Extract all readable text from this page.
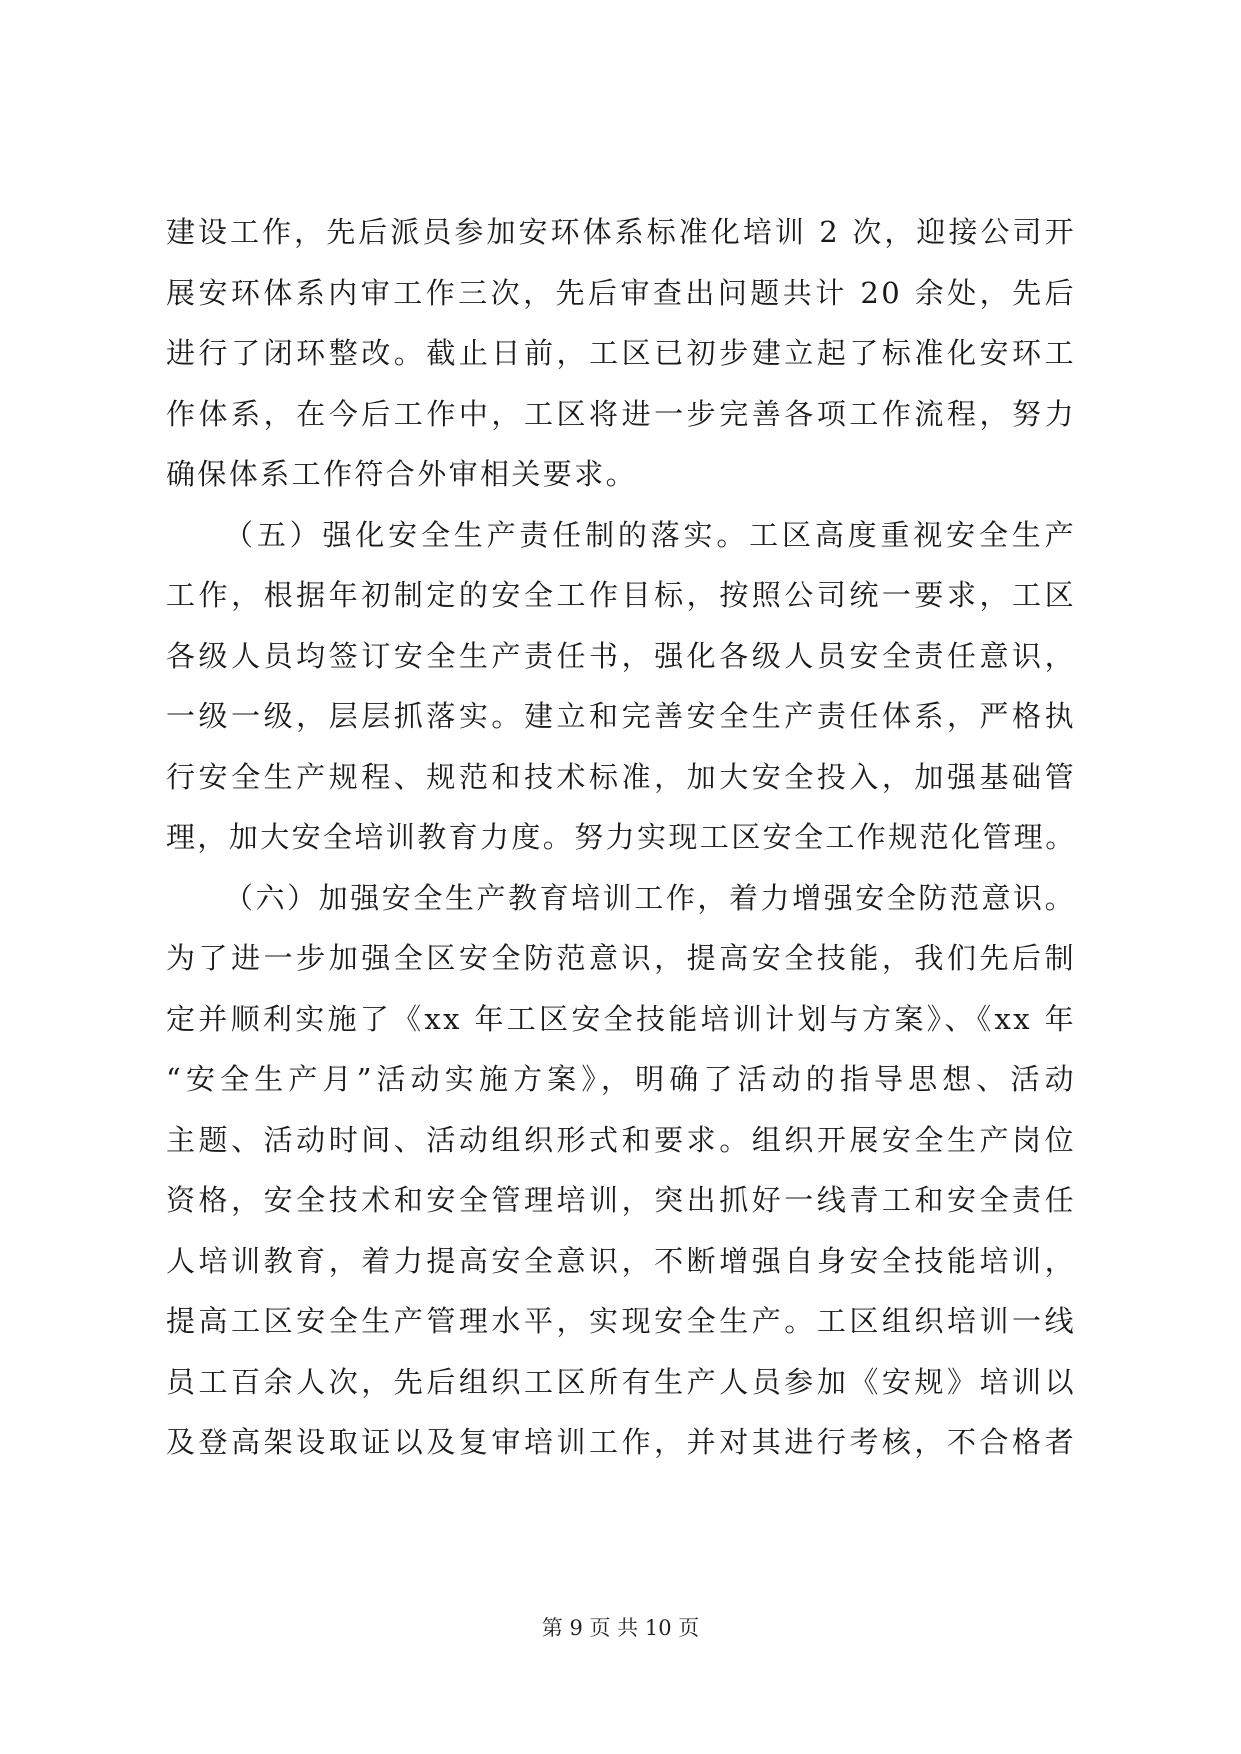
建设工作，先后派员参加安环体系标准化培训 2 次，迎接公司开
展安环体系内审工作三次，先后审查出问题共计 20 余处，先后
进行了闭环整改。截止日前，工区已初步建立起了标准化安环工
作体系，在今后工作中，工区将进一步完善各项工作流程，努力
确保体系工作符合外审相关要求。
（五）强化安全生产责任制的落实。工区高度重视安全生产
工作，根据年初制定的安全工作目标，按照公司统一要求，工区
各级人员均签订安全生产责任书，强化各级人员安全责任意识，
一级一级，层层抓落实。建立和完善安全生产责任体系，严格执
行安全生产规程、规范和技术标准，加大安全投入，加强基础管
理，加大安全培训教育力度。努力实现工区安全工作规范化管理。
（六）加强安全生产教育培训工作，着力增强安全防范意识。
为了进一步加强全区安全防范意识，提高安全技能，我们先后制
定并顺利实施了《xx 年工区安全技能培训计划与方案》、《xx 年
“安全生产月”活动实施方案》，明确了活动的指导思想、活动
主题、活动时间、活动组织形式和要求。组织开展安全生产岗位
资格，安全技术和安全管理培训，突出抓好一线青工和安全责任
人培训教育，着力提高安全意识，不断增强自身安全技能培训，
提高工区安全生产管理水平，实现安全生产。工区组织培训一线
员工百余人次，先后组织工区所有生产人员参加《安规》培训以
及登高架设取证以及复审培训工作，并对其进行考核，不合格者
第 9 页 共 10 页
